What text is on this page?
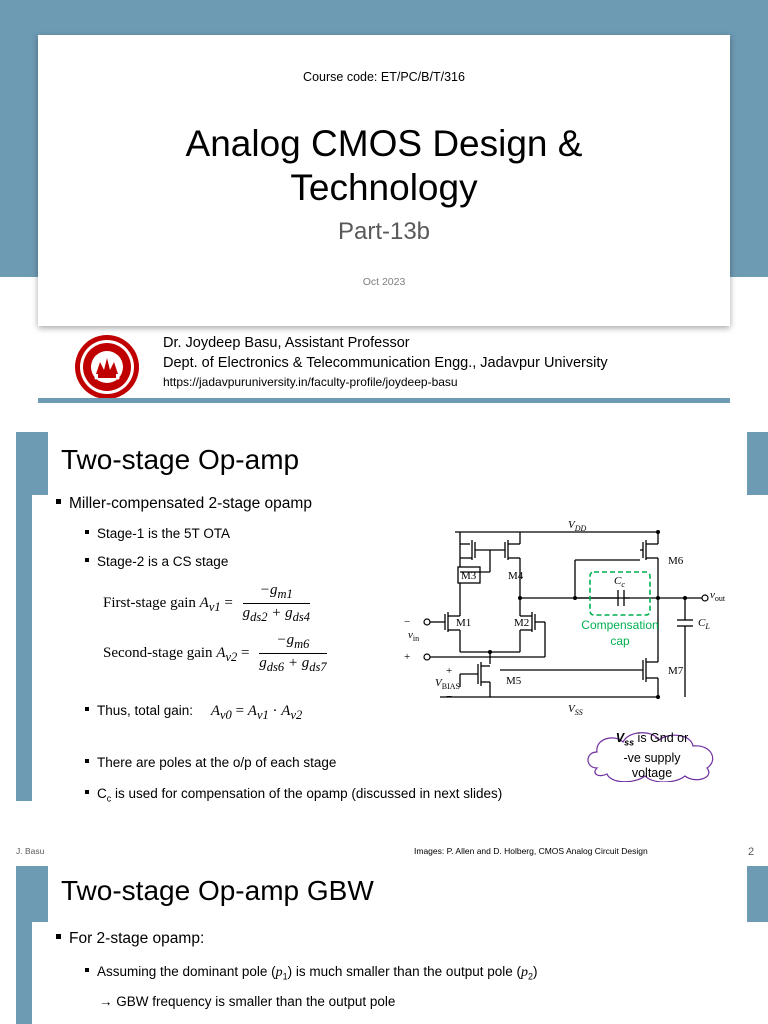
Course code: ET/PC/B/T/316
Analog CMOS Design &
Technology
Part-13b
Oct 2023
Dr. Joydeep Basu, Assistant Professor
Dept. of Electronics & Telecommunication Engg., Jadavpur University
https://jadavpuruniversity.in/faculty-profile/joydeep-basu
Two-stage Op-amp
Miller-compensated 2-stage opamp
Stage-1 is the 5T OTA
Stage-2 is a CS stage
First-stage gain $A_{v1} = \frac{-g_{m1}}{g_{ds2} + g_{ds4}}$
Second-stage gain $A_{v2} = \frac{-g_{m6}}{g_{ds6} + g_{ds7}}$
Thus, total gain: $A_{v0} = A_{v1} \cdot A_{v2}$
There are poles at the o/p of each stage
$C_c$ is used for compensation of the opamp (discussed in next slides)
$V_{DD}$
$V_{SS}$
M3	M4
M1	M2
M5
M6
M7
$C_c$
$C_L$
$v_{out}$
$v_{in}$
$V_{BIAS}$
−
+
+
−
Compensation
cap
$V_{ss}$ is Gnd or
-ve supply
voltage
J. Basu	Images: P. Allen and D. Holberg, CMOS Analog Circuit Design	2
Two-stage Op-amp GBW
For 2-stage opamp:
Assuming the dominant pole $(p_1)$ is much smaller than the output pole $(p_2)$
→ GBW frequency is smaller than the output pole
